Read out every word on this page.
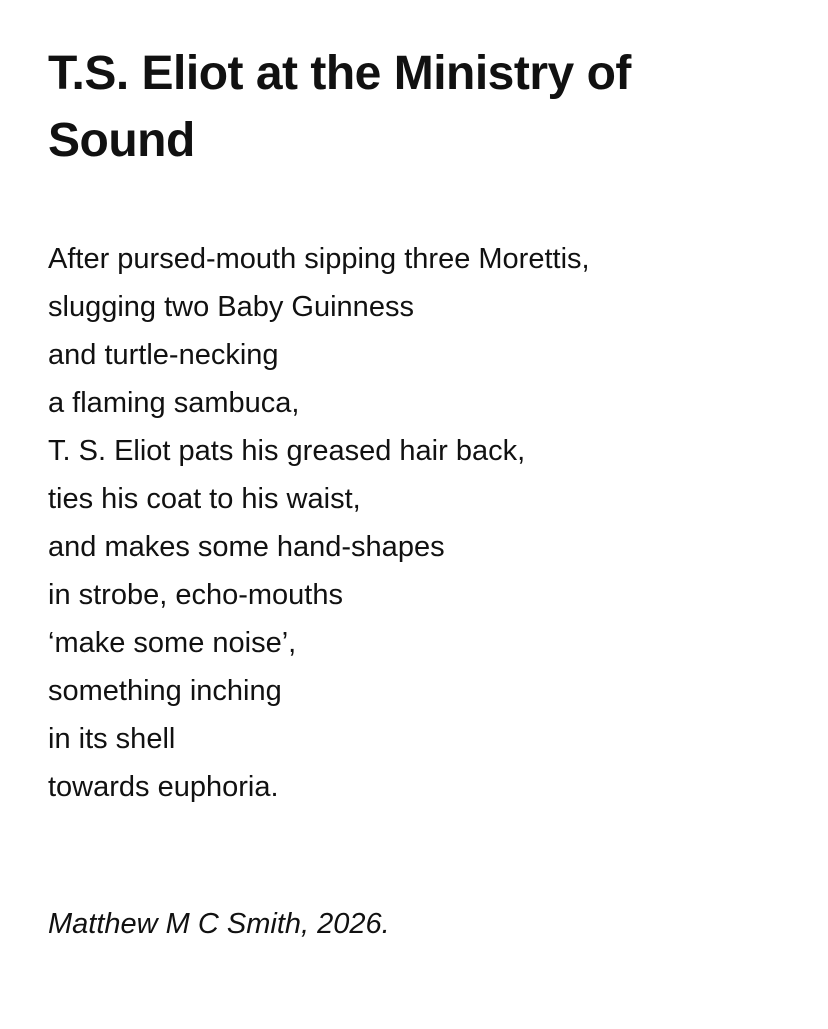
T.S. Eliot at the Ministry of Sound

After pursed-mouth sipping three Morettis,

slugging two Baby Guinness

and turtle-necking

a flaming sambuca,

T. S. Eliot pats his greased hair back,

ties his coat to his waist,

and makes some hand-shapes

in strobe, echo-mouths

‘make some noise’,

something inching

in its shell

towards euphoria.

Matthew M C Smith, 2026.
